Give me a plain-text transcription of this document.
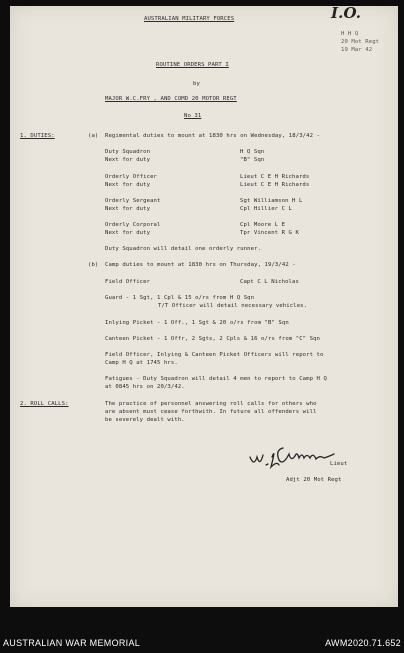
AUSTRALIAN MILITARY FORCES	I.O.
H H Q
20 Mot Regt
19 Mar 42
ROUTINE ORDERS PART I
by
MAJOR W.C.FRY , AND COMD 20 MOTOR REGT
No 31
1. DUTIES:	(a) Regimental duties to mount at 1830 hrs on Wednesday, 18/3/42 -
Duty Squadron	H Q Sqn
Next for duty	"B" Sqn
Orderly Officer	Lieut C E H Richards
Next for duty	Lieut C E H Richards
Orderly Sergeant	Sgt Williamson H L
Next for duty	Cpl Hillier C L
Orderly Corporal	Cpl Moore L E
Next for duty	Tpr Vincent R G K
Duty Squadron will detail one orderly runner.
(b) Camp duties to mount at 1830 hrs on Thursday, 19/3/42 -
Field Officer	Capt C L Nicholas
Guard - 1 Sgt, 1 Cpl & 15 o/rs from H Q Sqn
T/T Officer will detail necessary vehicles.
Inlying Picket - 1 Off., 1 Sgt & 20 o/rs from "B" Sqn
Canteen Picket - 1 Offr, 2 Sgts, 2 Cpls & 16 o/rs from "C" Sqn
Field Officer, Inlying & Canteen Picket Officers will report to
Camp H Q at 1745 hrs.
Fatigues - Duty Squadron will detail 4 men to report to Camp H Q
at 0845 hrs on 20/3/42.
2. ROLL CALLS:	The practice of personnel answering roll calls for others who
are absent must cease forthwith. In future all offenders will
be severely dealt with.
Lieut
Adjt 20 Mot Regt
AUSTRALIAN WAR MEMORIAL	AWM2020.71.652
